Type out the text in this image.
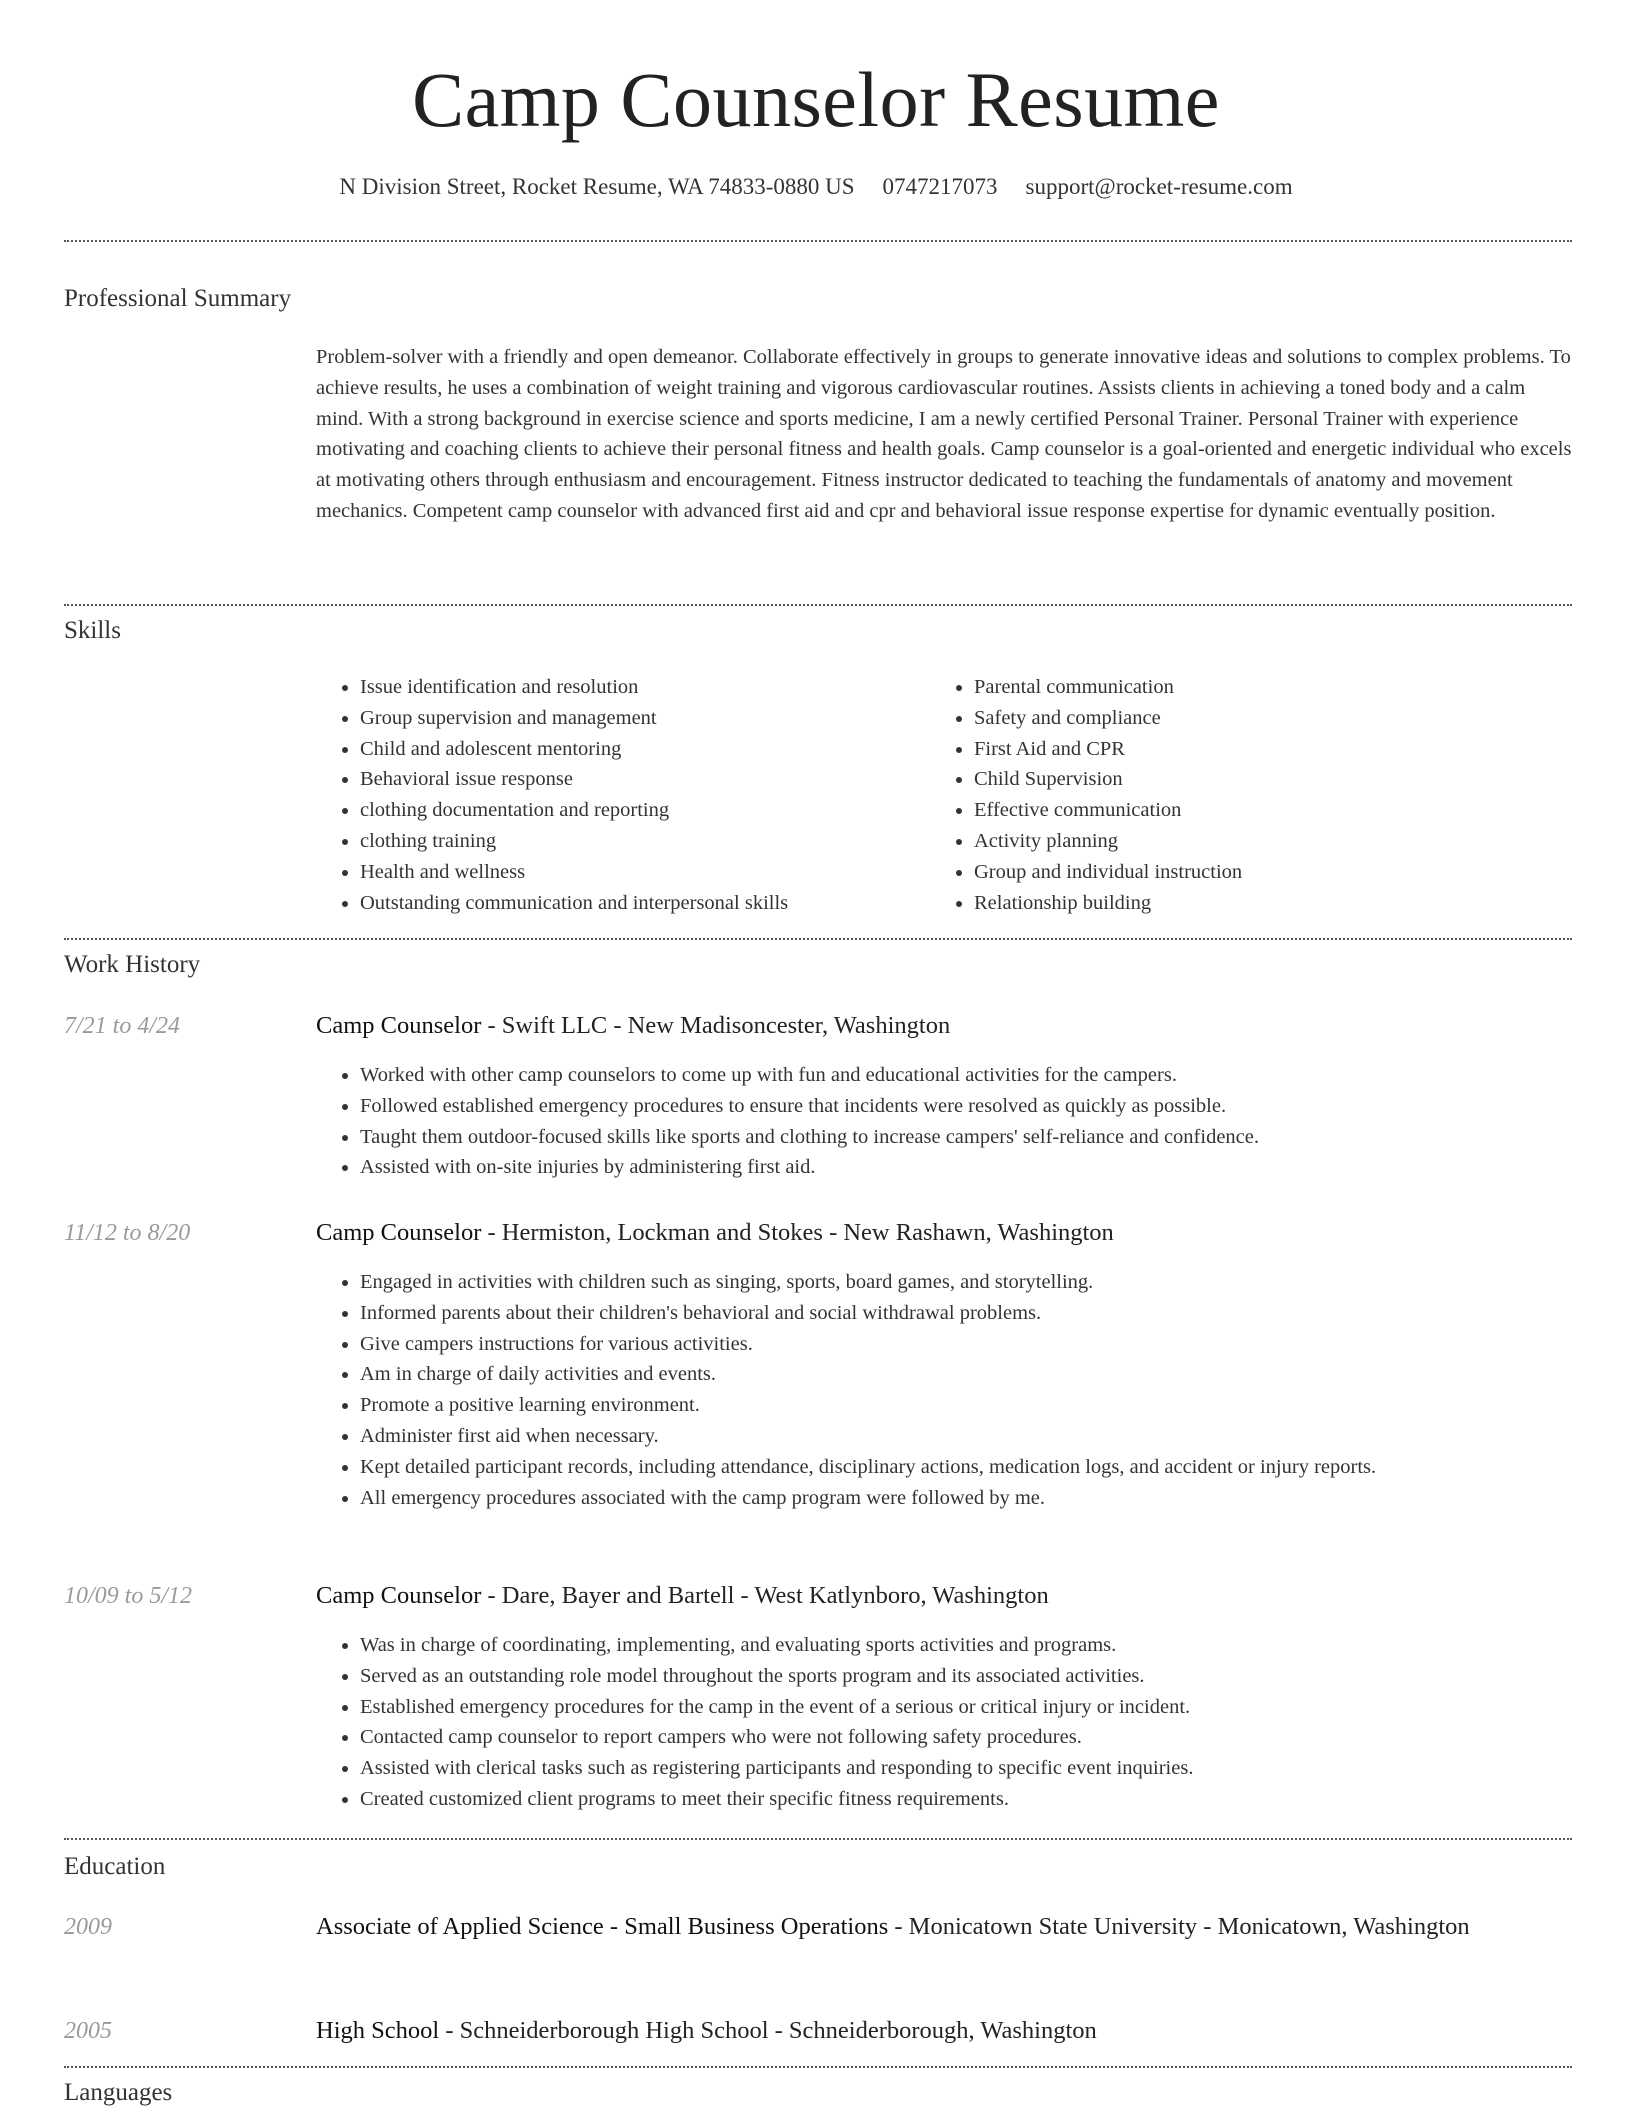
Camp Counselor Resume
N Division Street, Rocket Resume, WA 74833-0880 US 0747217073 support@rocket-resume.com
Professional Summary
Problem-solver with a friendly and open demeanor. Collaborate effectively in groups to generate innovative ideas and solutions to complex problems. To achieve results, he uses a combination of weight training and vigorous cardiovascular routines. Assists clients in achieving a toned body and a calm mind. With a strong background in exercise science and sports medicine, I am a newly certified Personal Trainer. Personal Trainer with experience motivating and coaching clients to achieve their personal fitness and health goals. Camp counselor is a goal-oriented and energetic individual who excels at motivating others through enthusiasm and encouragement. Fitness instructor dedicated to teaching the fundamentals of anatomy and movement mechanics. Competent camp counselor with advanced first aid and cpr and behavioral issue response expertise for dynamic eventually position.
Skills
• Issue identification and resolution
• Group supervision and management
• Child and adolescent mentoring
• Behavioral issue response
• clothing documentation and reporting
• clothing training
• Health and wellness
• Outstanding communication and interpersonal skills
• Parental communication
• Safety and compliance
• First Aid and CPR
• Child Supervision
• Effective communication
• Activity planning
• Group and individual instruction
• Relationship building
Work History
7/21 to 4/24	Camp Counselor - Swift LLC - New Madisoncester, Washington
• Worked with other camp counselors to come up with fun and educational activities for the campers.
• Followed established emergency procedures to ensure that incidents were resolved as quickly as possible.
• Taught them outdoor-focused skills like sports and clothing to increase campers' self-reliance and confidence.
• Assisted with on-site injuries by administering first aid.
11/12 to 8/20	Camp Counselor - Hermiston, Lockman and Stokes - New Rashawn, Washington
• Engaged in activities with children such as singing, sports, board games, and storytelling.
• Informed parents about their children's behavioral and social withdrawal problems.
• Give campers instructions for various activities.
• Am in charge of daily activities and events.
• Promote a positive learning environment.
• Administer first aid when necessary.
• Kept detailed participant records, including attendance, disciplinary actions, medication logs, and accident or injury reports.
• All emergency procedures associated with the camp program were followed by me.
10/09 to 5/12	Camp Counselor - Dare, Bayer and Bartell - West Katlynboro, Washington
• Was in charge of coordinating, implementing, and evaluating sports activities and programs.
• Served as an outstanding role model throughout the sports program and its associated activities.
• Established emergency procedures for the camp in the event of a serious or critical injury or incident.
• Contacted camp counselor to report campers who were not following safety procedures.
• Assisted with clerical tasks such as registering participants and responding to specific event inquiries.
• Created customized client programs to meet their specific fitness requirements.
Education
2009	Associate of Applied Science - Small Business Operations - Monicatown State University - Monicatown, Washington
2005	High School - Schneiderborough High School - Schneiderborough, Washington
Languages
